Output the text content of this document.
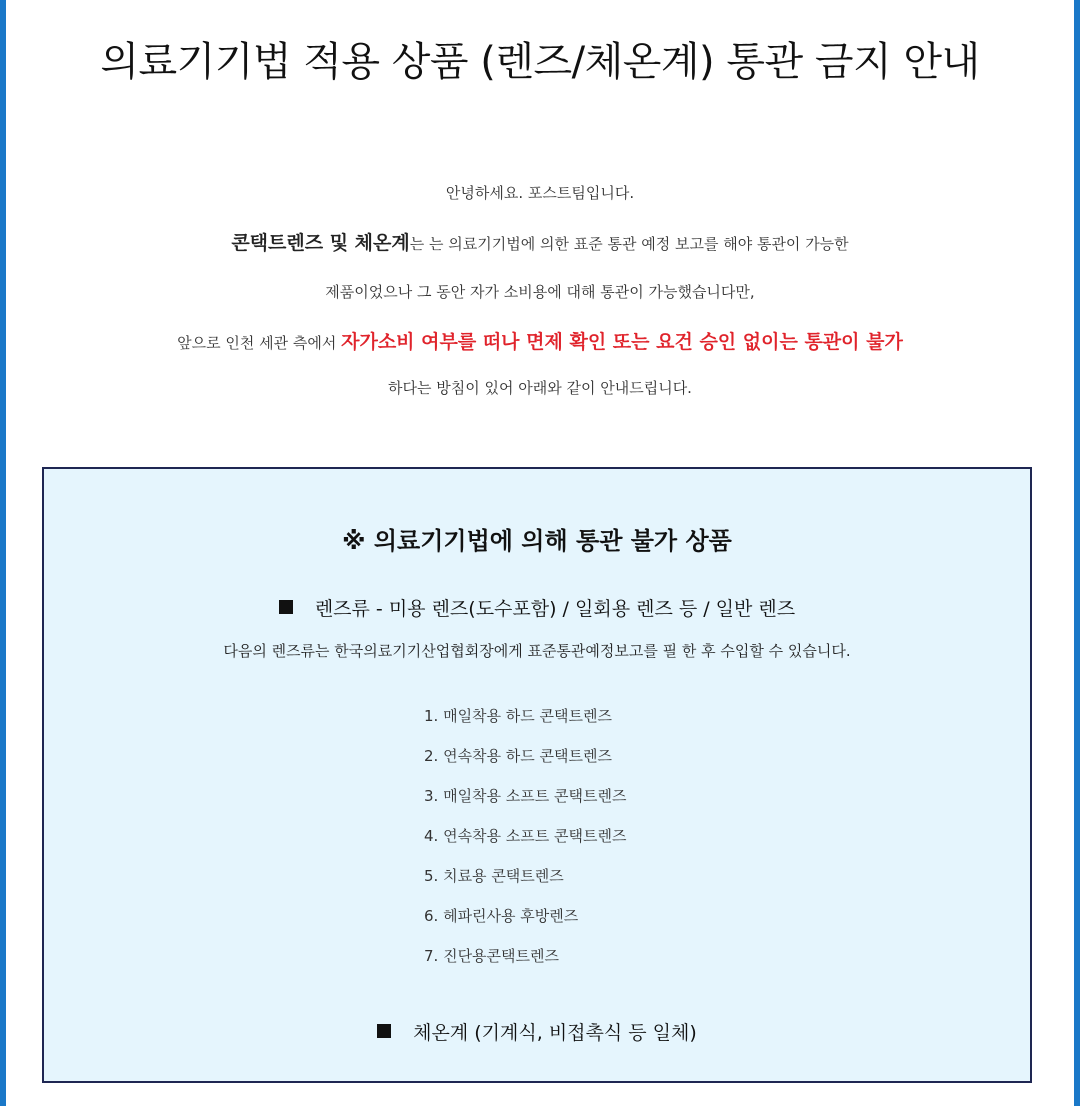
의료기기법 적용 상품 (렌즈/체온계) 통관 금지 안내
안녕하세요. 포스트팀입니다.
콘택트렌즈 및 체온계는 는 의료기기법에 의한 표준 통관 예정 보고를 해야 통관이 가능한
제품이었으나 그 동안 자가 소비용에 대해 통관이 가능했습니다만,
앞으로 인천 세관 측에서 자가소비 여부를 떠나 면제 확인 또는 요건 승인 없이는 통관이 불가
하다는 방침이 있어 아래와 같이 안내드립니다.
※ 의료기기법에 의해 통관 불가 상품
렌즈류 - 미용 렌즈(도수포함) / 일회용 렌즈 등 / 일반 렌즈
다음의 렌즈류는 한국의료기기산업협회장에게 표준통관예정보고를 필 한 후 수입할 수 있습니다.
1. 매일착용 하드 콘택트렌즈
2. 연속착용 하드 콘택트렌즈
3. 매일착용 소프트 콘택트렌즈
4. 연속착용 소프트 콘택트렌즈
5. 치료용 콘택트렌즈
6. 헤파린사용 후방렌즈
7. 진단용콘택트렌즈
체온계 (기계식, 비접촉식 등 일체)
